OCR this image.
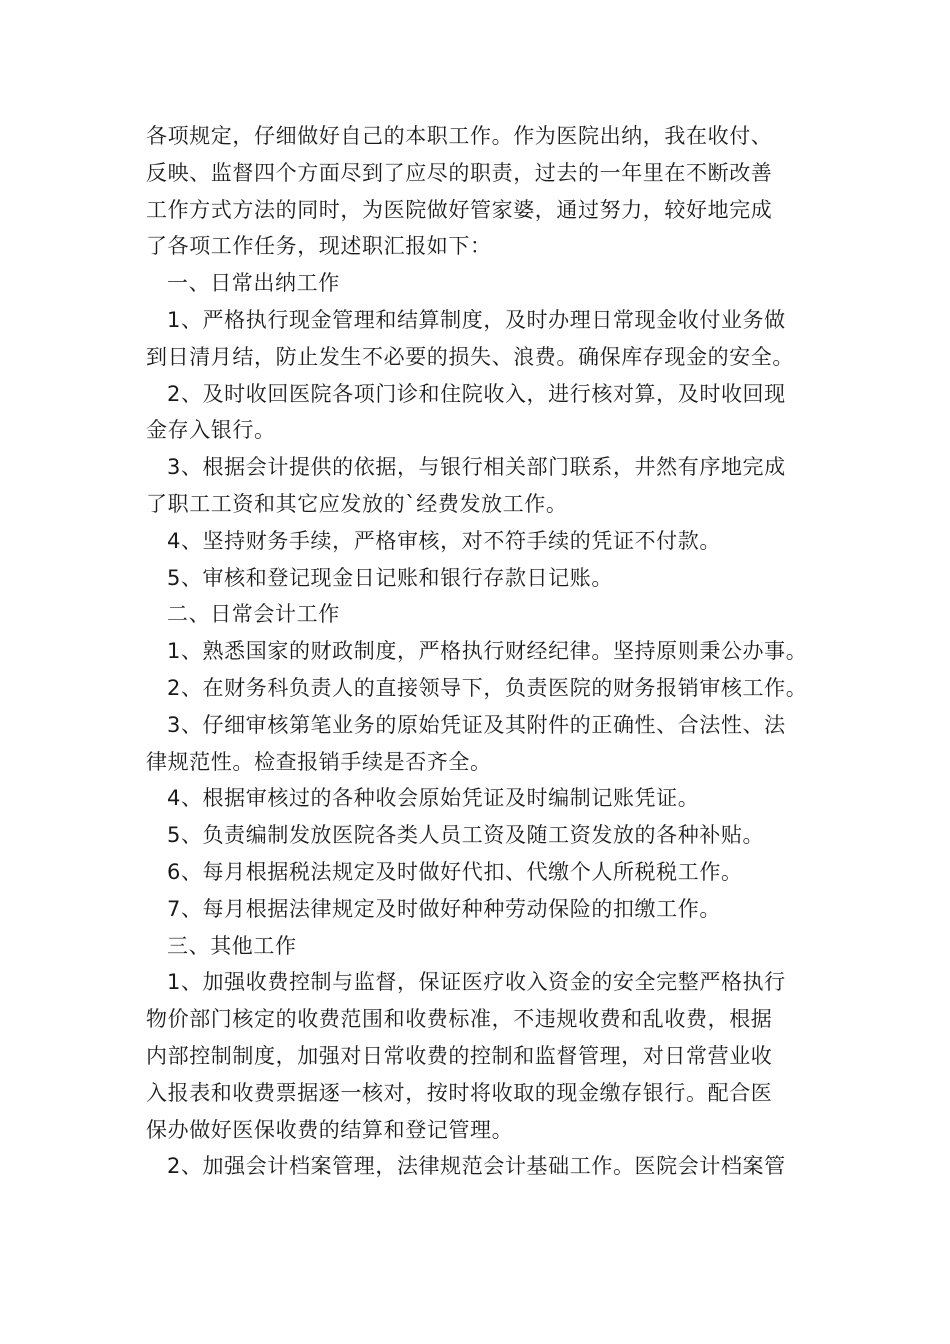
各项规定，仔细做好自己的本职工作。作为医院出纳，我在收付、
反映、监督四个方面尽到了应尽的职责，过去的一年里在不断改善
工作方式方法的同时，为医院做好管家婆，通过努力，较好地完成
了各项工作任务，现述职汇报如下：
一、日常出纳工作
1、严格执行现金管理和结算制度，及时办理日常现金收付业务做
到日清月结，防止发生不必要的损失、浪费。确保库存现金的安全。
2、及时收回医院各项门诊和住院收入，进行核对算，及时收回现
金存入银行。
3、根据会计提供的依据，与银行相关部门联系，井然有序地完成
了职工工资和其它应发放的`经费发放工作。
4、坚持财务手续，严格审核，对不符手续的凭证不付款。
5、审核和登记现金日记账和银行存款日记账。
二、日常会计工作
1、熟悉国家的财政制度，严格执行财经纪律。坚持原则秉公办事。
2、在财务科负责人的直接领导下，负责医院的财务报销审核工作。
3、仔细审核第笔业务的原始凭证及其附件的正确性、合法性、法
律规范性。检查报销手续是否齐全。
4、根据审核过的各种收会原始凭证及时编制记账凭证。
5、负责编制发放医院各类人员工资及随工资发放的各种补贴。
6、每月根据税法规定及时做好代扣、代缴个人所税税工作。
7、每月根据法律规定及时做好种种劳动保险的扣缴工作。
三、其他工作
1、加强收费控制与监督，保证医疗收入资金的安全完整严格执行
物价部门核定的收费范围和收费标准，不违规收费和乱收费，根据
内部控制制度，加强对日常收费的控制和监督管理，对日常营业收
入报表和收费票据逐一核对，按时将收取的现金缴存银行。配合医
保办做好医保收费的结算和登记管理。
2、加强会计档案管理，法律规范会计基础工作。医院会计档案管
